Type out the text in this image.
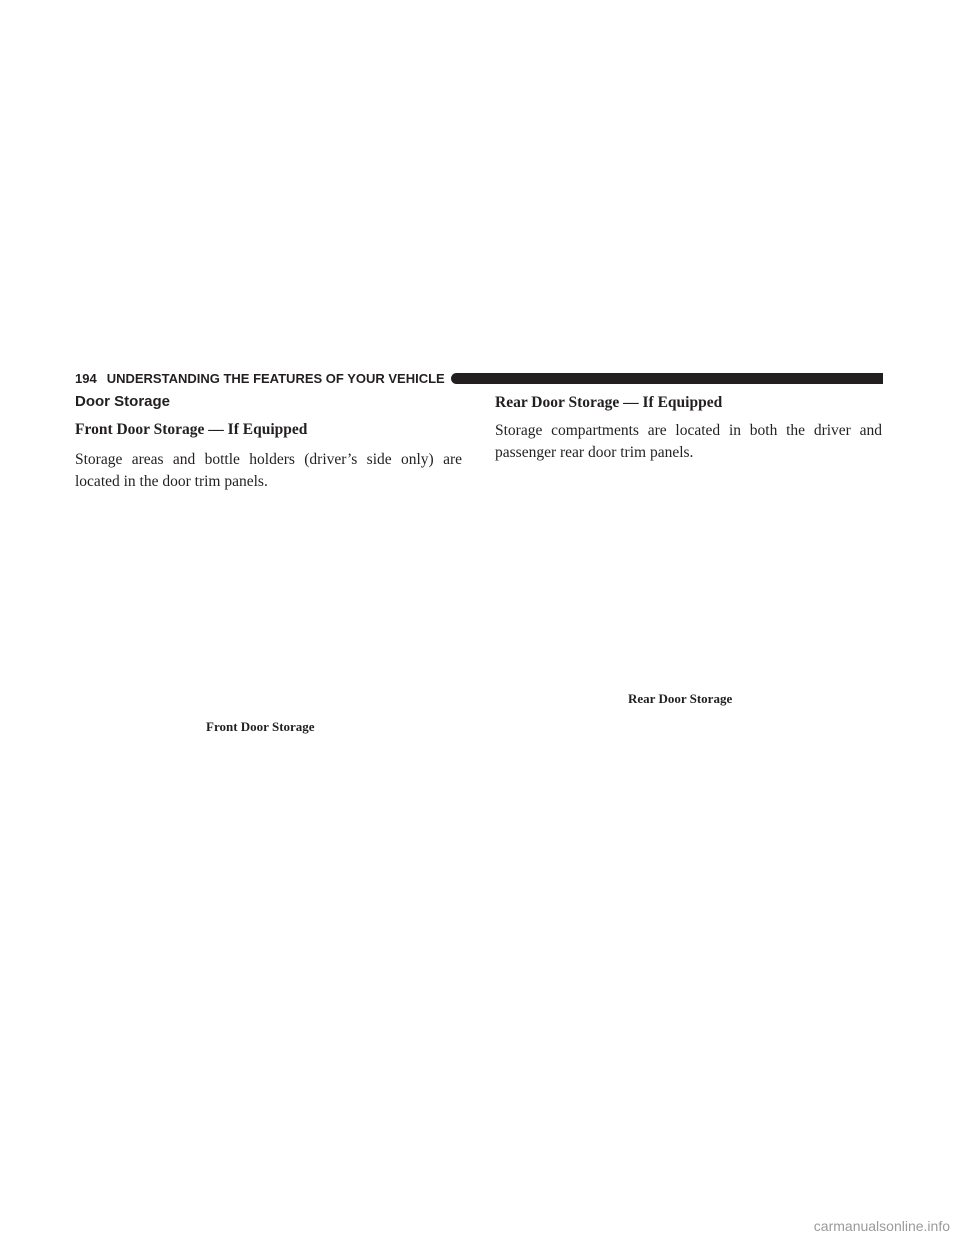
194 UNDERSTANDING THE FEATURES OF YOUR VEHICLE
Door Storage
Front Door Storage — If Equipped

Storage areas and bottle holders (driver’s side only) are located in the door trim panels.

Front Door Storage

Rear Door Storage — If Equipped

Storage compartments are located in both the driver and passenger rear door trim panels.

Rear Door Storage

carmanualsonline.info
